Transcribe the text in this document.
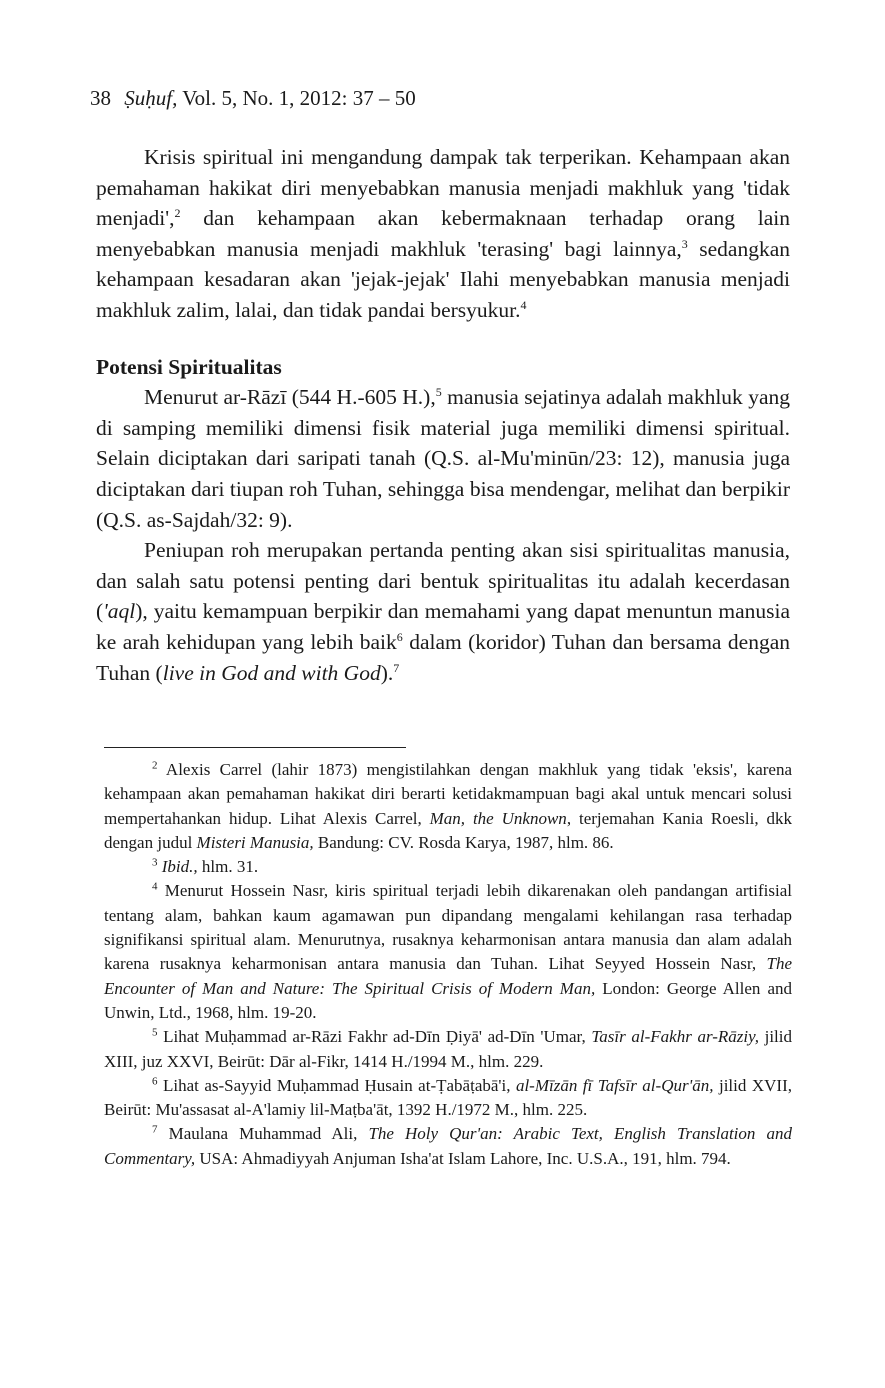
38 Ṣuḥuf, Vol. 5, No. 1, 2012: 37 – 50

Krisis spiritual ini mengandung dampak tak terperikan. Kehampaan akan pemahaman hakikat diri menyebabkan manusia menjadi makhluk yang 'tidak menjadi',$^2$ dan kehampaan akan kebermaknaan terhadap orang lain menyebabkan manusia menjadi makhluk 'terasing' bagi lainnya,$^3$ sedangkan kehampaan kesadaran akan 'jejak-jejak' Ilahi menyebabkan manusia menjadi makhluk zalim, lalai, dan tidak pandai bersyukur.$^4$

Potensi Spiritualitas

Menurut ar-Rāzī (544 H.-605 H.),$^5$ manusia sejatinya adalah makhluk yang di samping memiliki dimensi fisik material juga memiliki dimensi spiritual. Selain diciptakan dari saripati tanah (Q.S. al-Mu'minūn/23: 12), manusia juga diciptakan dari tiupan roh Tuhan, sehingga bisa mendengar, melihat dan berpikir (Q.S. as-Sajdah/32: 9).

Peniupan roh merupakan pertanda penting akan sisi spiritualitas manusia, dan salah satu potensi penting dari bentuk spiritualitas itu adalah kecerdasan ('aql), yaitu kemampuan berpikir dan memahami yang dapat menuntun manusia ke arah kehidupan yang lebih baik$^6$ dalam (koridor) Tuhan dan bersama dengan Tuhan (live in God and with God).$^7$

$^2$ Alexis Carrel (lahir 1873) mengistilahkan dengan makhluk yang tidak 'eksis', karena kehampaan akan pemahaman hakikat diri berarti ketidakmampuan bagi akal untuk mencari solusi mempertahankan hidup. Lihat Alexis Carrel, Man, the Unknown, terjemahan Kania Roesli, dkk dengan judul Misteri Manusia, Bandung: CV. Rosda Karya, 1987, hlm. 86.

$^3$ Ibid., hlm. 31.

$^4$ Menurut Hossein Nasr, kiris spiritual terjadi lebih dikarenakan oleh pandangan artifisial tentang alam, bahkan kaum agamawan pun dipandang mengalami kehilangan rasa terhadap signifikansi spiritual alam. Menurutnya, rusaknya keharmonisan antara manusia dan alam adalah karena rusaknya keharmonisan antara manusia dan Tuhan. Lihat Seyyed Hossein Nasr, The Encounter of Man and Nature: The Spiritual Crisis of Modern Man, London: George Allen and Unwin, Ltd., 1968, hlm. 19-20.

$^5$ Lihat Muḥammad ar-Rāzi Fakhr ad-Dīn Ḍiyā' ad-Dīn 'Umar, Tasīr al-Fakhr ar-Rāziy, jilid XIII, juz XXVI, Beirūt: Dār al-Fikr, 1414 H./1994 M., hlm. 229.

$^6$ Lihat as-Sayyid Muḥammad Ḥusain at-Ṭabāṭabā'i, al-Mīzān fī Tafsīr al-Qur'ān, jilid XVII, Beirūt: Mu'assasat al-A'lamiy lil-Maṭba'āt, 1392 H./1972 M., hlm. 225.

$^7$ Maulana Muhammad Ali, The Holy Qur'an: Arabic Text, English Translation and Commentary, USA: Ahmadiyyah Anjuman Isha'at Islam Lahore, Inc. U.S.A., 191, hlm. 794.
